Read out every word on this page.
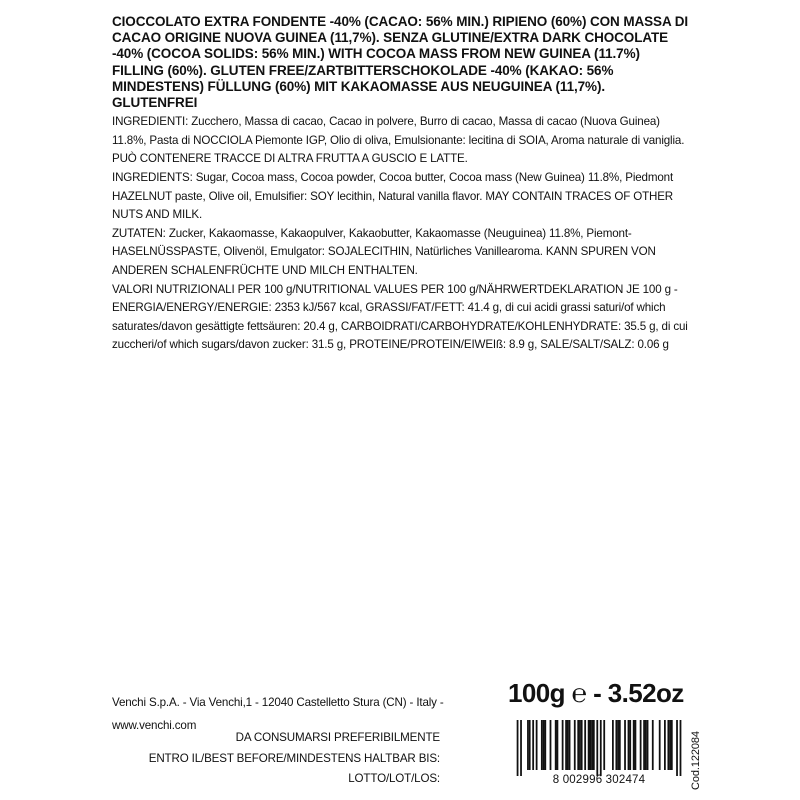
CIOCCOLATO EXTRA FONDENTE -40% (CACAO: 56% MIN.) RIPIENO (60%) CON MASSA DI CACAO ORIGINE NUOVA GUINEA (11,7%). SENZA GLUTINE/EXTRA DARK CHOCOLATE -40% (COCOA SOLIDS: 56% MIN.) WITH COCOA MASS FROM NEW GUINEA (11.7%) FILLING (60%). GLUTEN FREE/ZARTBITTERSCHOKOLADE -40% (KAKAO: 56% MINDESTENS) FÜLLUNG (60%) MIT KAKAOMASSE AUS NEUGUINEA (11,7%). GLUTENFREI

INGREDIENTI: Zucchero, Massa di cacao, Cacao in polvere, Burro di cacao, Massa di cacao (Nuova Guinea) 11.8%, Pasta di NOCCIOLA Piemonte IGP, Olio di oliva, Emulsionante: lecitina di SOIA, Aroma naturale di vaniglia. PUÒ CONTENERE TRACCE DI ALTRA FRUTTA A GUSCIO E LATTE.

INGREDIENTS: Sugar, Cocoa mass, Cocoa powder, Cocoa butter, Cocoa mass (New Guinea) 11.8%, Piedmont HAZELNUT paste, Olive oil, Emulsifier: SOY lecithin, Natural vanilla flavor. MAY CONTAIN TRACES OF OTHER NUTS AND MILK.

ZUTATEN: Zucker, Kakaomasse, Kakaopulver, Kakaobutter, Kakaomasse (Neuguinea) 11.8%, Piemont-HASELNÜSSPASTE, Olivenöl, Emulgator: SOJALECITHIN, Natürliches Vanillearoma. KANN SPUREN VON ANDEREN SCHALENFRÜCHTE UND MILCH ENTHALTEN.

VALORI NUTRIZIONALI PER 100 g/NUTRITIONAL VALUES PER 100 g/NÄHRWERTDEKLARATION JE 100 g - ENERGIA/ENERGY/ENERGIE: 2353 kJ/567 kcal, GRASSI/FAT/FETT: 41.4 g, di cui acidi grassi saturi/of which saturates/davon gesättigte fettsäuren: 20.4 g, CARBOIDRATI/CARBOHYDRATE/KOHLENHYDRATE: 35.5 g, di cui zuccheri/of which sugars/davon zucker: 31.5 g, PROTEINE/PROTEIN/EIWEIß: 8.9 g, SALE/SALT/SALZ: 0.06 g

Venchi S.p.A. - Via Venchi,1 - 12040 Castelletto Stura (CN) - Italy -
www.venchi.com
DA CONSUMARSI PREFERIBILMENTE
ENTRO IL/BEST BEFORE/MINDESTENS HALTBAR BIS:
LOTTO/LOT/LOS:
100g ℮ - 3.52oz
8 002996 302474	Cod.122084
